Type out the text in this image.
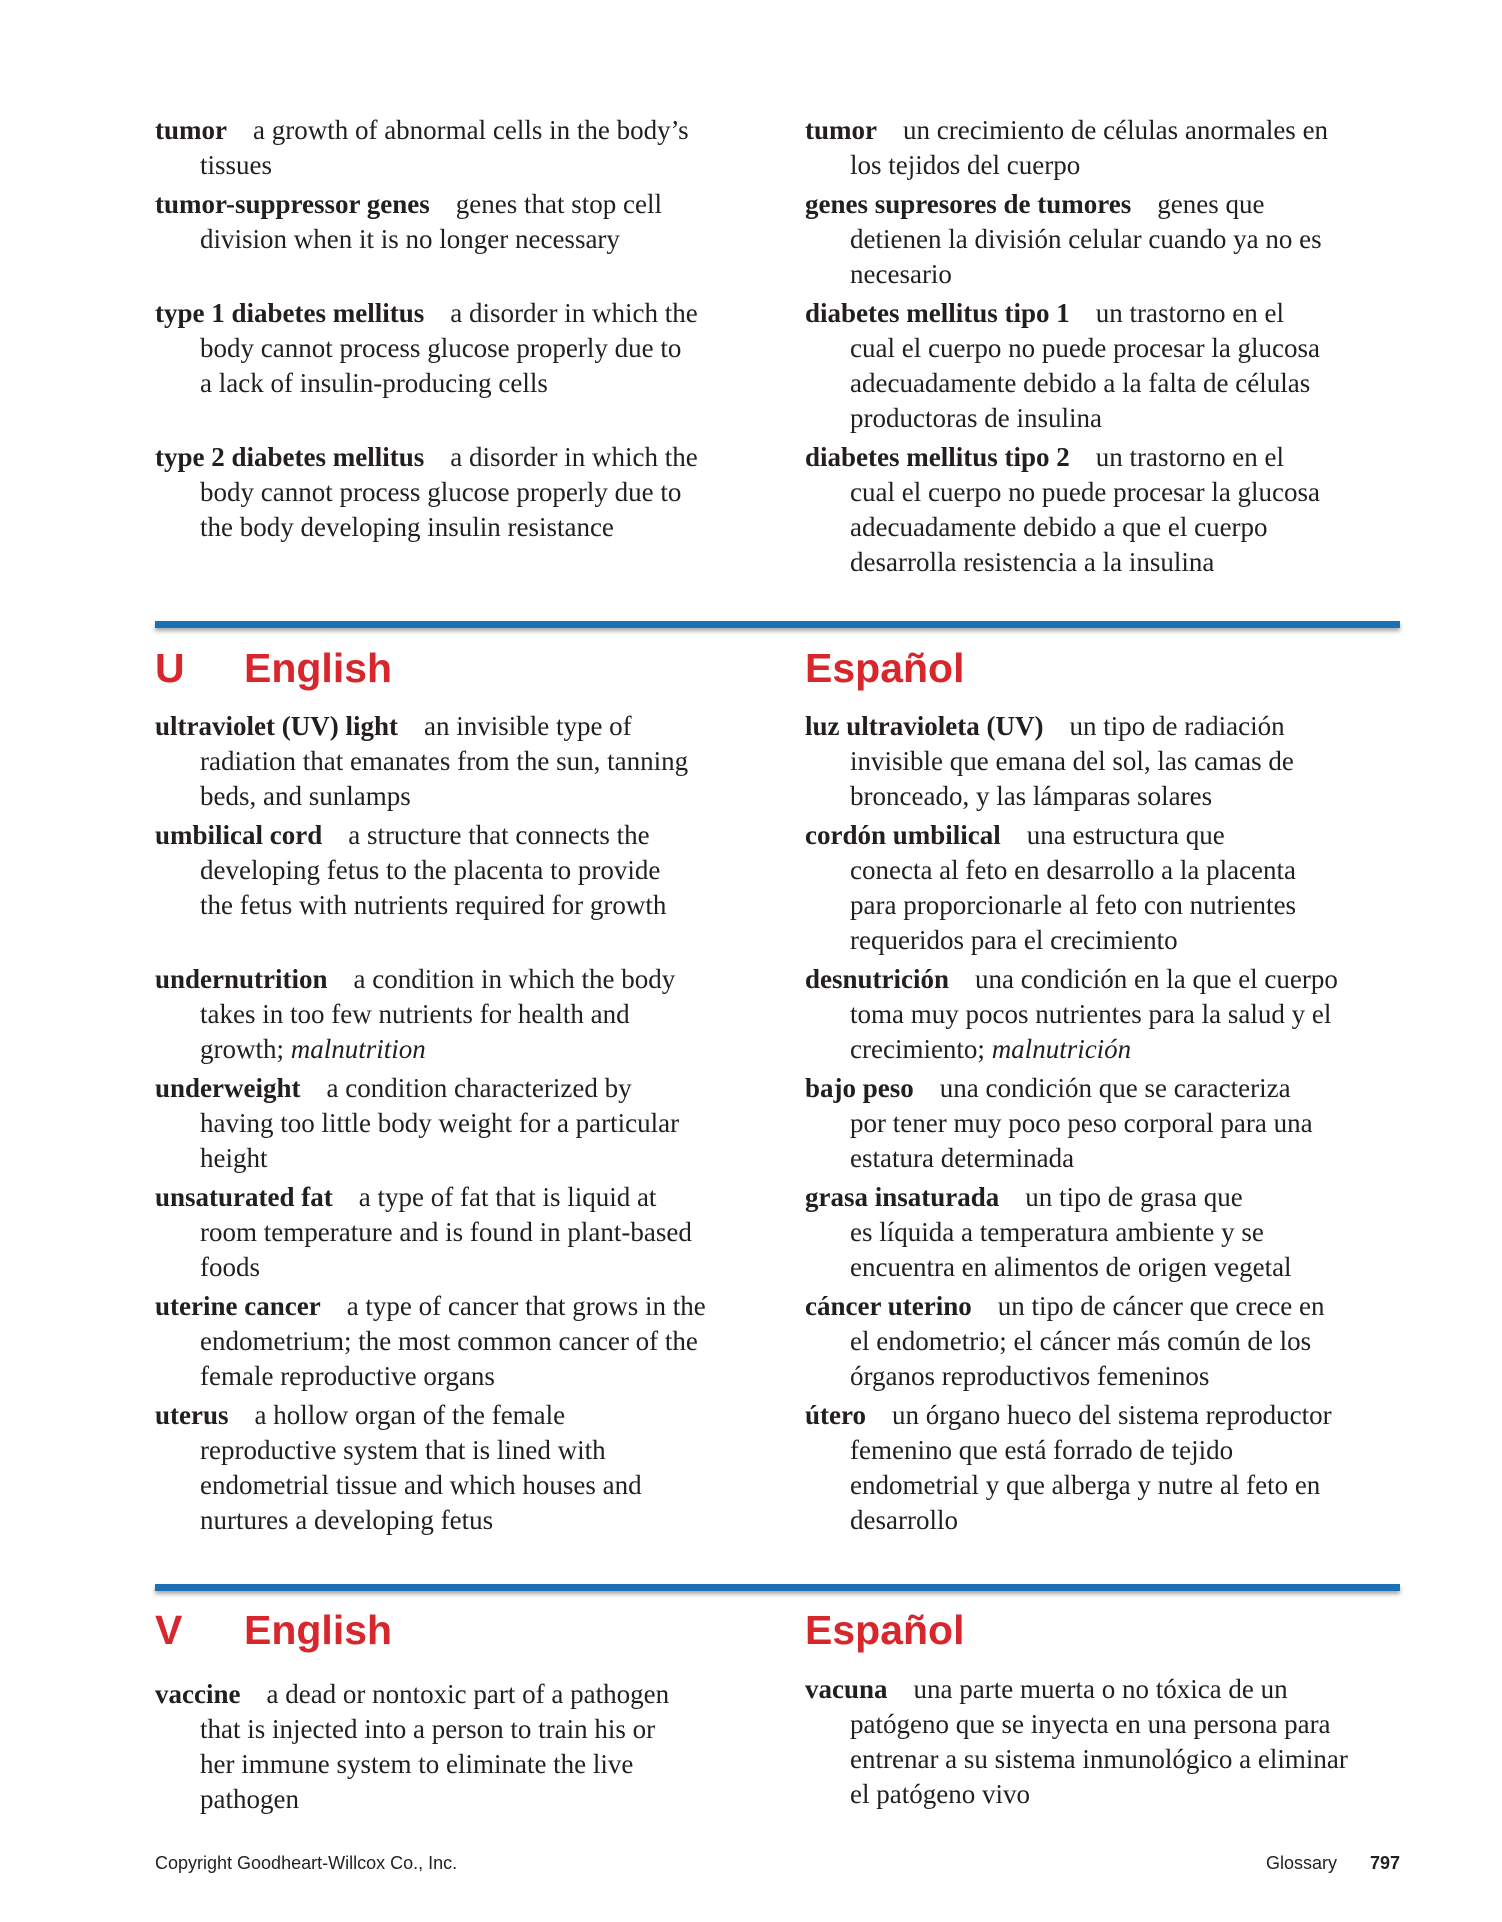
tumor a growth of abnormal cells in the body’s
tissues
tumor-suppressor genes genes that stop cell
division when it is no longer necessary
type 1 diabetes mellitus a disorder in which the
body cannot process glucose properly due to
a lack of insulin-producing cells
type 2 diabetes mellitus a disorder in which the
body cannot process glucose properly due to
the body developing insulin resistance
tumor un crecimiento de células anormales en
los tejidos del cuerpo
genes supresores de tumores genes que
detienen la división celular cuando ya no es
necesario
diabetes mellitus tipo 1 un trastorno en el
cual el cuerpo no puede procesar la glucosa
adecuadamente debido a la falta de células
productoras de insulina
diabetes mellitus tipo 2 un trastorno en el
cual el cuerpo no puede procesar la glucosa
adecuadamente debido a que el cuerpo
desarrolla resistencia a la insulina
U English	Español
ultraviolet (UV) light an invisible type of
radiation that emanates from the sun, tanning
beds, and sunlamps
umbilical cord a structure that connects the
developing fetus to the placenta to provide
the fetus with nutrients required for growth
undernutrition a condition in which the body
takes in too few nutrients for health and
growth; malnutrition
underweight a condition characterized by
having too little body weight for a particular
height
unsaturated fat a type of fat that is liquid at
room temperature and is found in plant-based
foods
uterine cancer a type of cancer that grows in the
endometrium; the most common cancer of the
female reproductive organs
uterus a hollow organ of the female
reproductive system that is lined with
endometrial tissue and which houses and
nurtures a developing fetus
luz ultravioleta (UV) un tipo de radiación
invisible que emana del sol, las camas de
bronceado, y las lámparas solares
cordón umbilical una estructura que
conecta al feto en desarrollo a la placenta
para proporcionarle al feto con nutrientes
requeridos para el crecimiento
desnutrición una condición en la que el cuerpo
toma muy pocos nutrientes para la salud y el
crecimiento; malnutrición
bajo peso una condición que se caracteriza
por tener muy poco peso corporal para una
estatura determinada
grasa insaturada un tipo de grasa que
es líquida a temperatura ambiente y se
encuentra en alimentos de origen vegetal
cáncer uterino un tipo de cáncer que crece en
el endometrio; el cáncer más común de los
órganos reproductivos femeninos
útero un órgano hueco del sistema reproductor
femenino que está forrado de tejido
endometrial y que alberga y nutre al feto en
desarrollo
V English	Español
vaccine a dead or nontoxic part of a pathogen
that is injected into a person to train his or
her immune system to eliminate the live
pathogen
vacuna una parte muerta o no tóxica de un
patógeno que se inyecta en una persona para
entrenar a su sistema inmunológico a eliminar
el patógeno vivo
Copyright Goodheart-Willcox Co., Inc.	Glossary 797
